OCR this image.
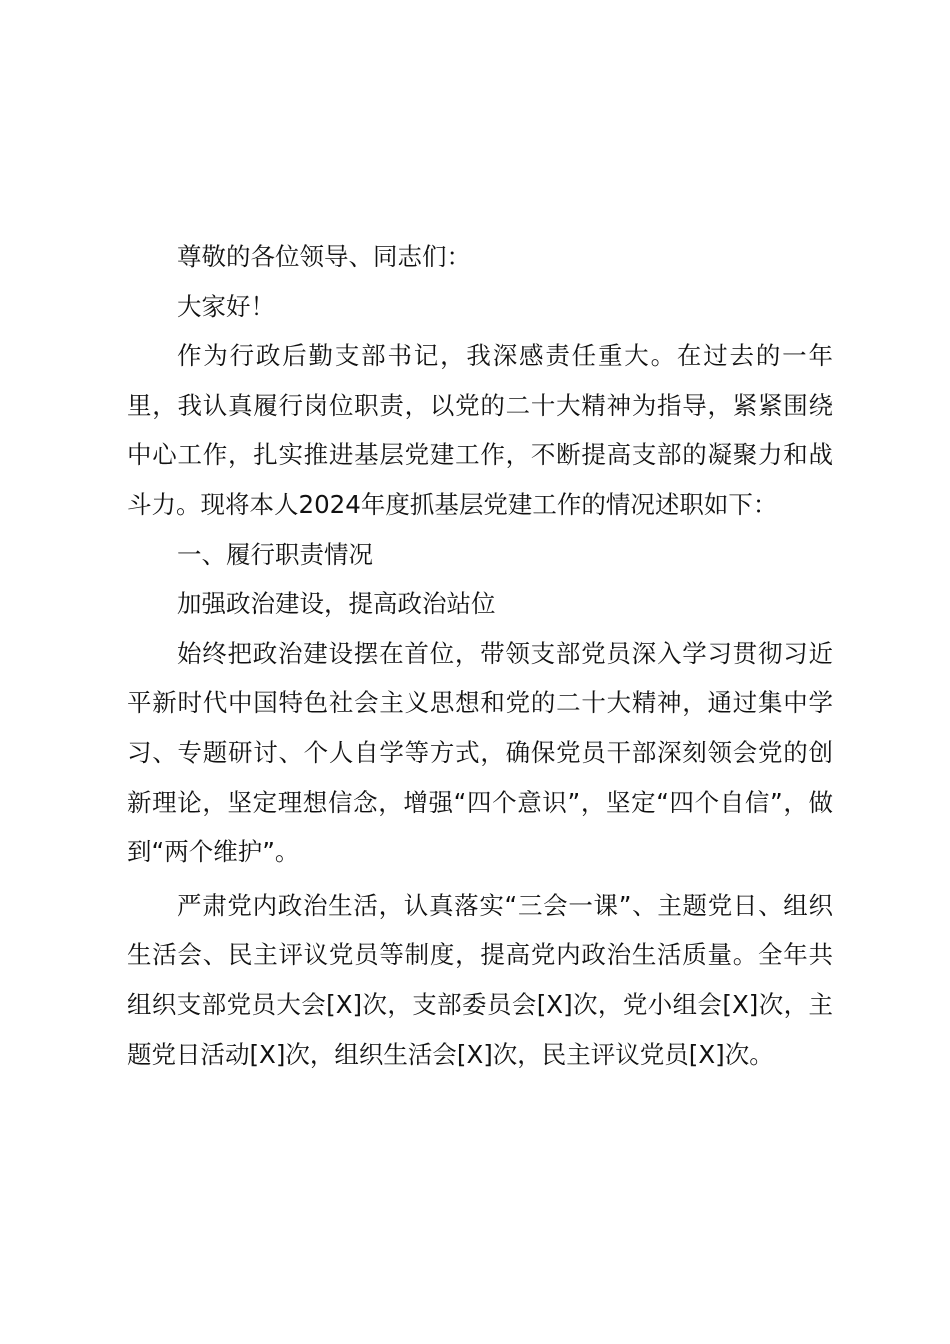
尊敬的各位领导、同志们：

大家好！

作为行政后勤支部书记，我深感责任重大。在过去的一年里，我认真履行岗位职责，以党的二十大精神为指导，紧紧围绕中心工作，扎实推进基层党建工作，不断提高支部的凝聚力和战斗力。现将本人2024年度抓基层党建工作的情况述职如下：

一、履行职责情况

加强政治建设，提高政治站位

始终把政治建设摆在首位，带领支部党员深入学习贯彻习近平新时代中国特色社会主义思想和党的二十大精神，通过集中学习、专题研讨、个人自学等方式，确保党员干部深刻领会党的创新理论，坚定理想信念，增强“四个意识”，坚定“四个自信”，做到“两个维护”。

严肃党内政治生活，认真落实“三会一课”、主题党日、组织生活会、民主评议党员等制度，提高党内政治生活质量。全年共组织支部党员大会[X]次，支部委员会[X]次，党小组会[X]次，主题党日活动[X]次，组织生活会[X]次，民主评议党员[X]次。
